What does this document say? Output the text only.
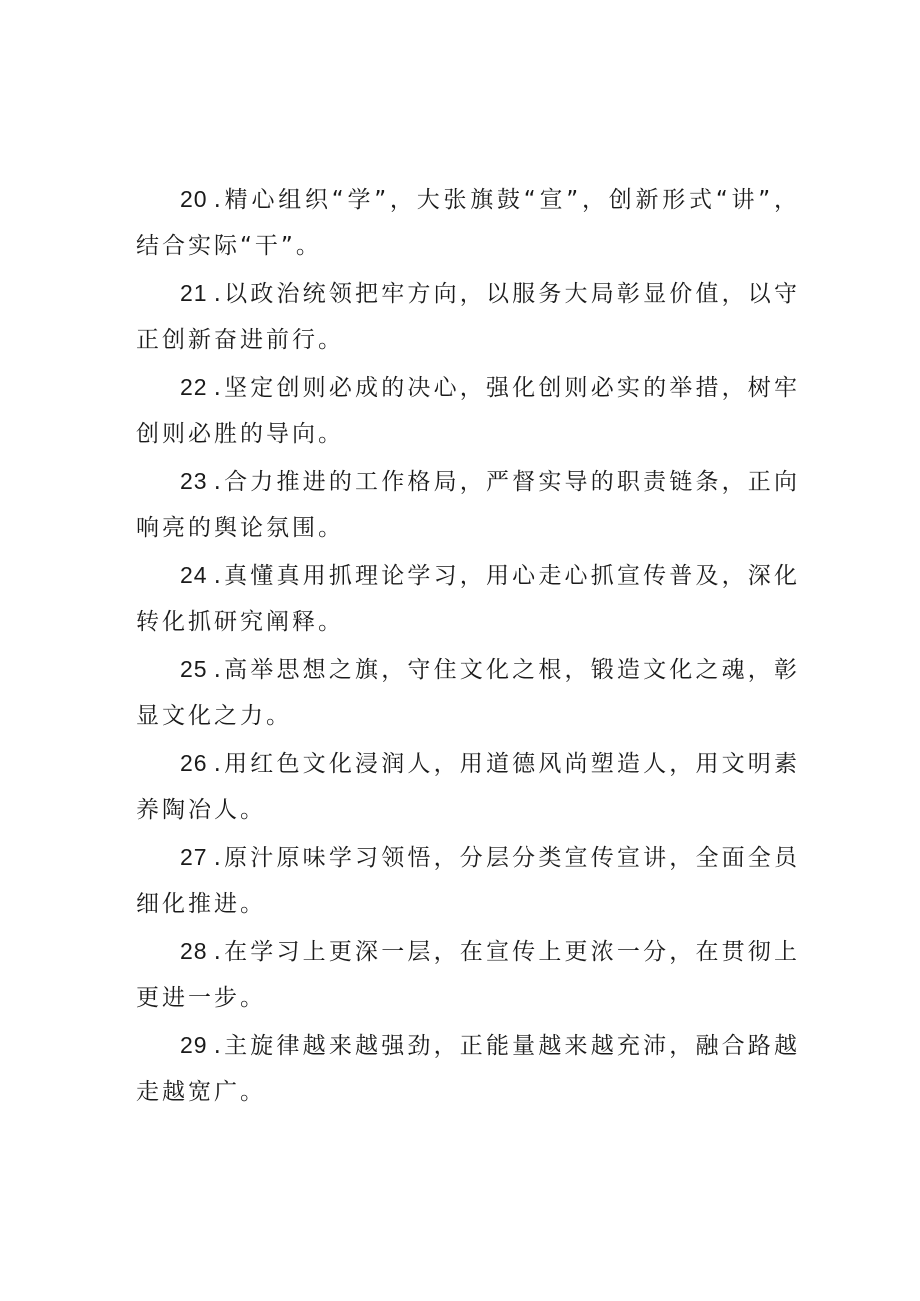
20 .精心组织“学”，大张旗鼓“宣”，创新形式“讲”，结合实际“干”。

21 .以政治统领把牢方向，以服务大局彰显价值，以守正创新奋进前行。

22 .坚定创则必成的决心，强化创则必实的举措，树牢创则必胜的导向。

23 .合力推进的工作格局，严督实导的职责链条，正向响亮的舆论氛围。

24 .真懂真用抓理论学习，用心走心抓宣传普及，深化转化抓研究阐释。

25 .高举思想之旗，守住文化之根，锻造文化之魂，彰显文化之力。

26 .用红色文化浸润人，用道德风尚塑造人，用文明素养陶冶人。

27 .原汁原味学习领悟，分层分类宣传宣讲，全面全员细化推进。

28 .在学习上更深一层，在宣传上更浓一分，在贯彻上更进一步。

29 .主旋律越来越强劲，正能量越来越充沛，融合路越走越宽广。
